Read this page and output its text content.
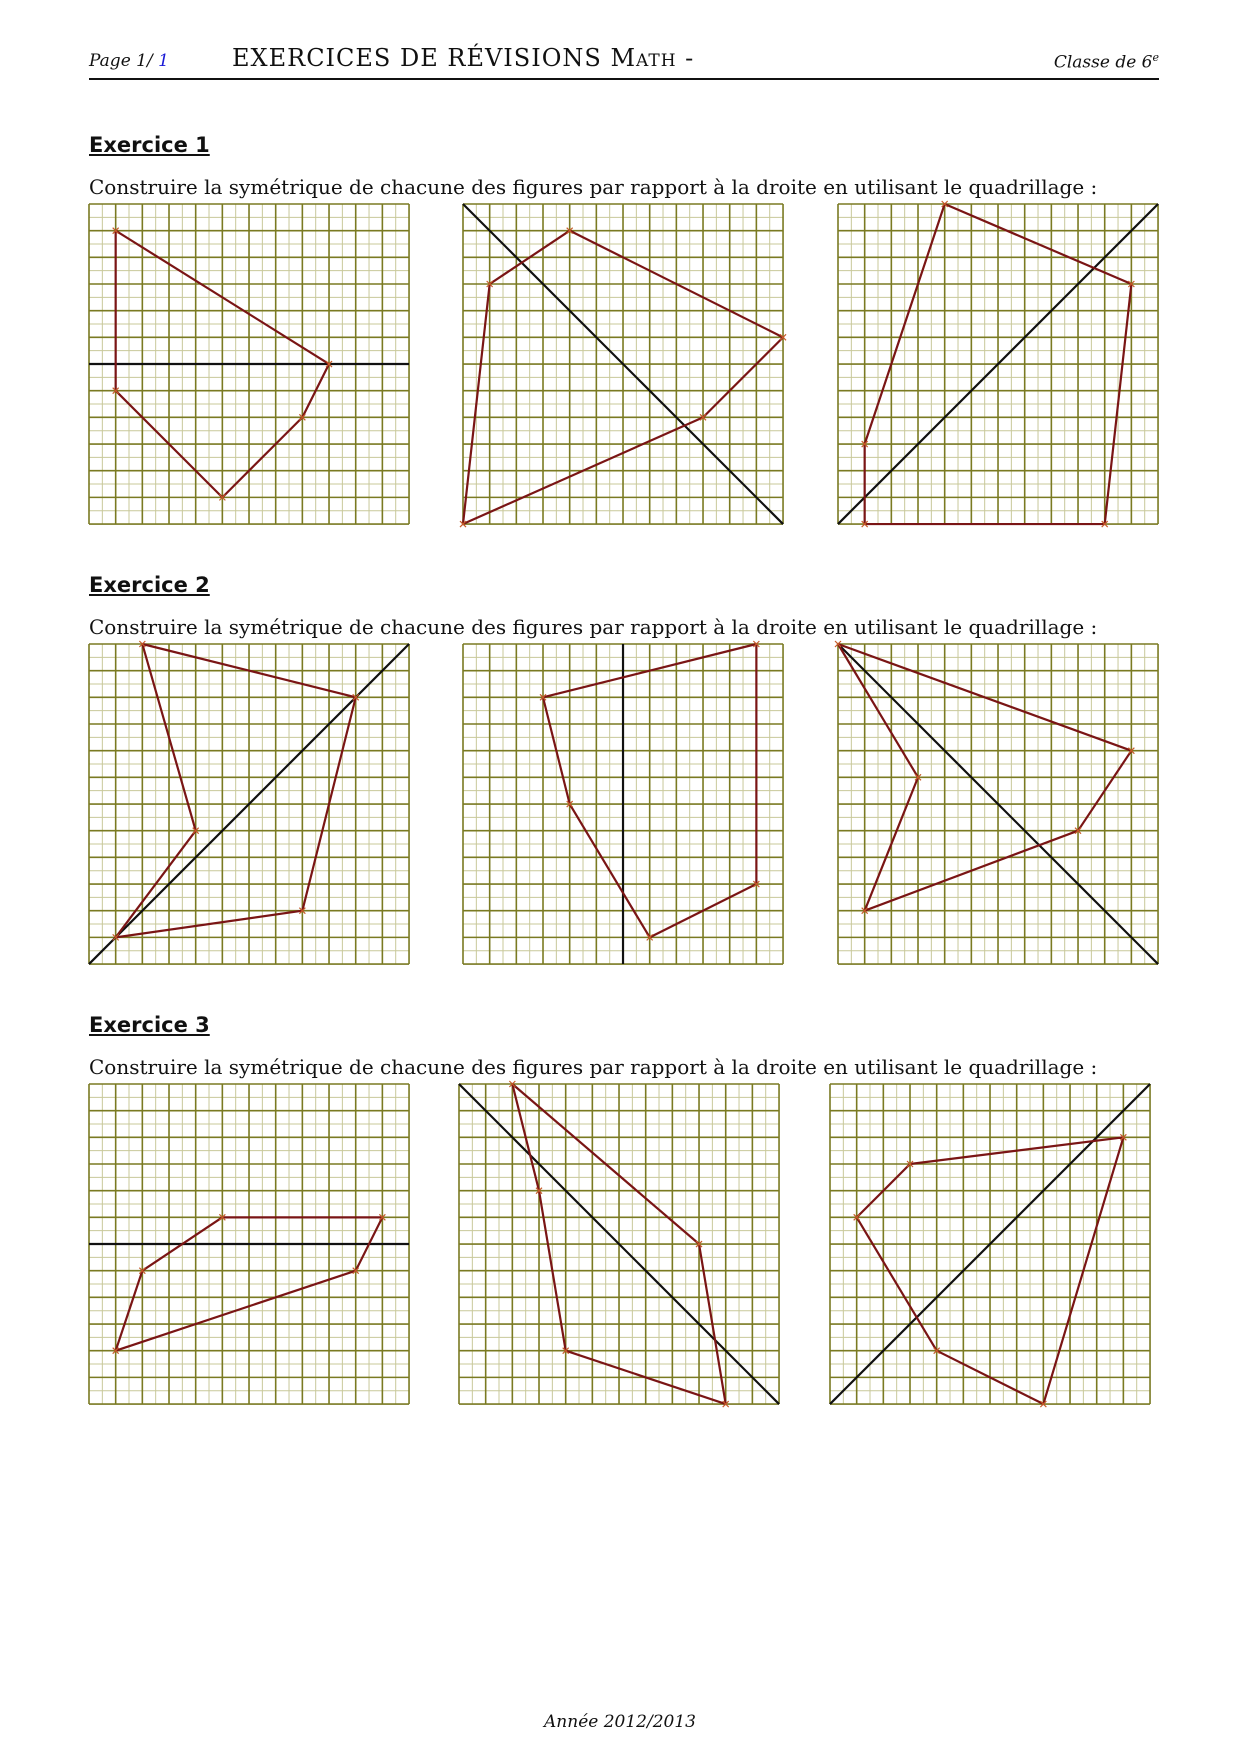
Page 1/ 1	EXERCICES DE RÉVISIONS Math -	Classe de 6e
Exercice 1
Construire la symétrique de chacune des figures par rapport à la droite en utilisant le quadrillage :
Exercice 2
Construire la symétrique de chacune des figures par rapport à la droite en utilisant le quadrillage :
Exercice 3
Construire la symétrique de chacune des figures par rapport à la droite en utilisant le quadrillage :
Année 2012/2013
